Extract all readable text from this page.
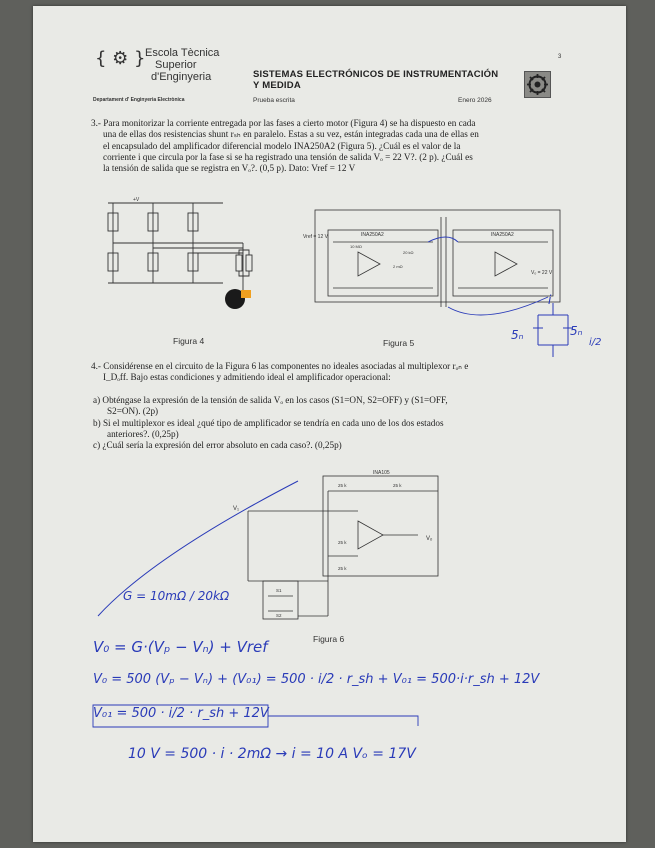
{ ⚙ } Escola Tècnica
Superior
d'Enginyeria
Departament d' Enginyeria Electrònica
SISTEMAS ELECTRÓNICOS DE INSTRUMENTACIÓN
Y MEDIDA
Prueba escrita	Enero 2026
3
3.- Para monitorizar la corriente entregada por las fases a cierto motor (Figura 4) se ha dispuesto en cada
una de ellas dos resistencias shunt rₛₕ en paralelo. Estas a su vez, están integradas cada una de ellas en
el encapsulado del amplificador diferencial modelo INA250A2 (Figura 5). ¿Cuál es el valor de la
corriente i que circula por la fase si se ha registrado una tensión de salida Vₒ = 22 V?. (2 p). ¿Cuál es
la tensión de salida que se registra en Vₒ?. (0,5 p). Dato: Vref = 12 V
+V
Figura 4
INA250A2	INA250A2
Vref = 12 V
20 kΩ
10 MΩ
2 mΩ
Vₒ = 22 V
Figura 5
i
5ₙ	5ₙ
i/2
4.- Considérense en el circuito de la Figura 6 las componentes no ideales asociadas al multiplexor rₒₙ e
I_Dₒff. Bajo estas condiciones y admitiendo ideal el amplificador operacional:
a) Obténgase la expresión de la tensión de salida Vₒ en los casos (S1=ON, S2=OFF) y (S1=OFF,
S2=ON). (2p)
b) Si el multiplexor es ideal ¿qué tipo de amplificador se tendría en cada uno de los dos estados
anteriores?. (0,25p)
c) ¿Cuál sería la expresión del error absoluto en cada caso?. (0,25p)
INA105
25 k	25 k
25 k
25 k
V₁
Vₒ
S1
S2
Figura 6
G = 10mΩ / 20kΩ
V₀ = G·(Vₚ − Vₙ) + Vref
V₀ = 500 (Vₚ − Vₙ) + (V₀₁) = 500 · i/2 · r_sh + V₀₁ = 500·i·r_sh + 12V
V₀₁ = 500 · i/2 · r_sh + 12V
10 V = 500 · i · 2mΩ → i = 10 A Vₒ = 17V
